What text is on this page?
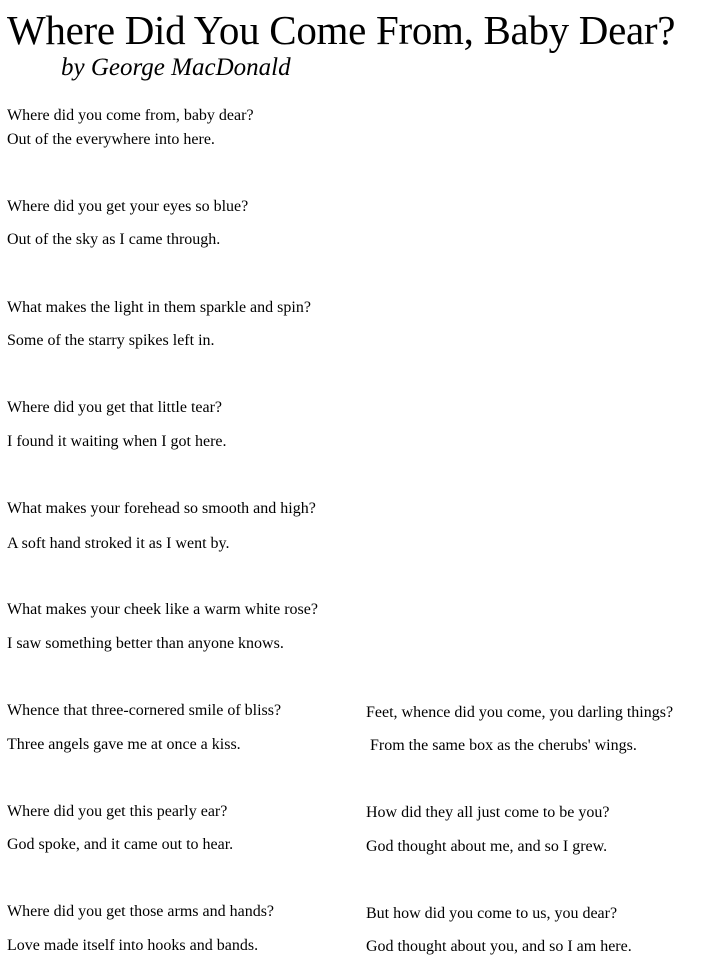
Where Did You Come From, Baby Dear?
by George MacDonald
Where did you come from, baby dear?
Out of the everywhere into here.
Where did you get your eyes so blue?
Out of the sky as I came through.
What makes the light in them sparkle and spin?
Some of the starry spikes left in.
Where did you get that little tear?
I found it waiting when I got here.
What makes your forehead so smooth and high?
A soft hand stroked it as I went by.
What makes your cheek like a warm white rose?
I saw something better than anyone knows.
Whence that three-cornered smile of bliss?
Three angels gave me at once a kiss.
Where did you get this pearly ear?
God spoke, and it came out to hear.
Where did you get those arms and hands?
Love made itself into hooks and bands.
Feet, whence did you come, you darling things?
From the same box as the cherubs' wings.
How did they all just come to be you?
God thought about me, and so I grew.
But how did you come to us, you dear?
God thought about you, and so I am here.
